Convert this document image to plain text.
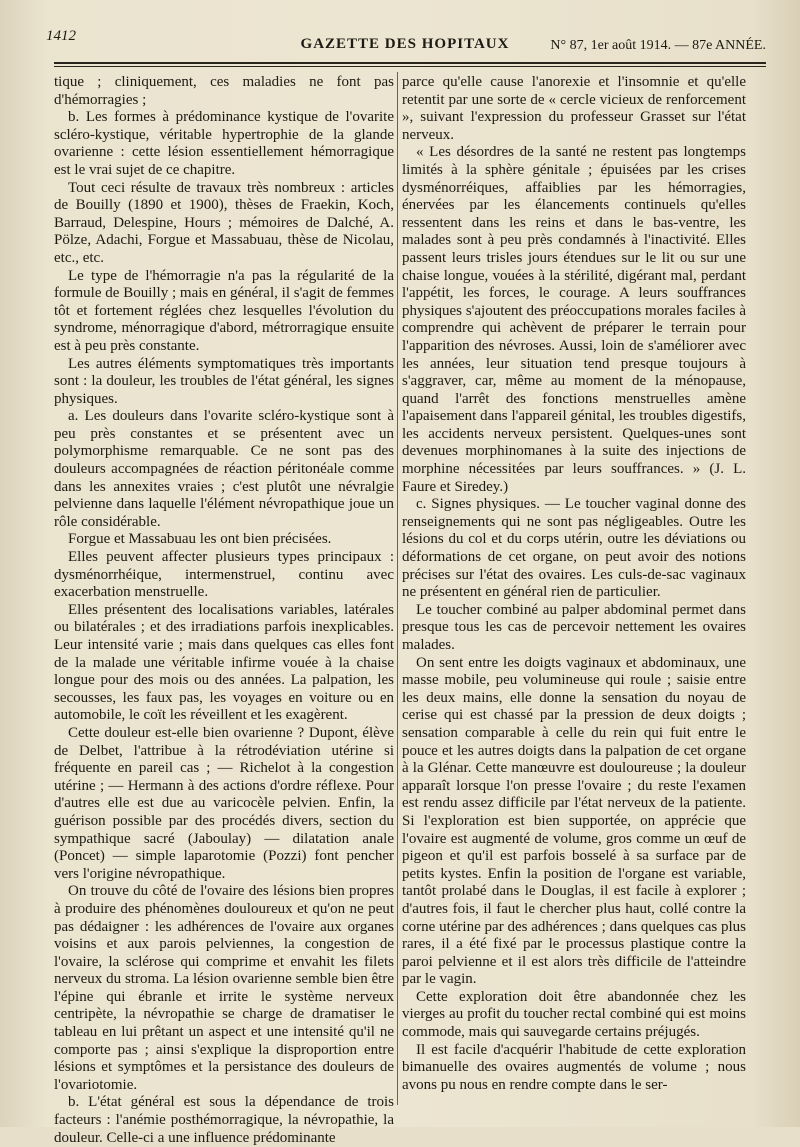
1412	GAZETTE DES HOPITAUX	N° 87, 1er août 1914. — 87e ANNÉE.

tique ; cliniquement, ces maladies ne font pas d'hémorragies ;

b. Les formes à prédominance kystique de l'ovarite scléro-kystique, véritable hypertrophie de la glande ovarienne : cette lésion essentiellement hémorragique est le vrai sujet de ce chapitre.

Tout ceci résulte de travaux très nombreux : articles de Bouilly (1890 et 1900), thèses de Fraekin, Koch, Barraud, Delespine, Hours ; mémoires de Dalché, A. Pölze, Adachi, Forgue et Massabuau, thèse de Nicolau, etc., etc.

Le type de l'hémorragie n'a pas la régularité de la formule de Bouilly ; mais en général, il s'agit de femmes tôt et fortement réglées chez lesquelles l'évolution du syndrome, ménorragique d'abord, métrorragique ensuite est à peu près constante.

Les autres éléments symptomatiques très importants sont : la douleur, les troubles de l'état général, les signes physiques.

a. Les douleurs dans l'ovarite scléro-kystique sont à peu près constantes et se présentent avec un polymorphisme remarquable. Ce ne sont pas des douleurs accompagnées de réaction péritonéale comme dans les annexites vraies ; c'est plutôt une névralgie pelvienne dans laquelle l'élément névropathique joue un rôle considérable.

Forgue et Massabuau les ont bien précisées.

Elles peuvent affecter plusieurs types principaux : dysménorrhéique, intermenstruel, continu avec exacerbation menstruelle.

Elles présentent des localisations variables, latérales ou bilatérales ; et des irradiations parfois inexplicables. Leur intensité varie ; mais dans quelques cas elles font de la malade une véritable infirme vouée à la chaise longue pour des mois ou des années. La palpation, les secousses, les faux pas, les voyages en voiture ou en automobile, le coït les réveillent et les exagèrent.

Cette douleur est-elle bien ovarienne ? Dupont, élève de Delbet, l'attribue à la rétrodéviation utérine si fréquente en pareil cas ; — Richelot à la congestion utérine ; — Hermann à des actions d'ordre réflexe. Pour d'autres elle est due au varicocèle pelvien. Enfin, la guérison possible par des procédés divers, section du sympathique sacré (Jaboulay) — dilatation anale (Poncet) — simple laparotomie (Pozzi) font pencher vers l'origine névropathique.

On trouve du côté de l'ovaire des lésions bien propres à produire des phénomènes douloureux et qu'on ne peut pas dédaigner : les adhérences de l'ovaire aux organes voisins et aux parois pelviennes, la congestion de l'ovaire, la sclérose qui comprime et envahit les filets nerveux du stroma. La lésion ovarienne semble bien être l'épine qui ébranle et irrite le système nerveux centripète, la névropathie se charge de dramatiser le tableau en lui prêtant un aspect et une intensité qu'il ne comporte pas ; ainsi s'explique la disproportion entre lésions et symptômes et la persistance des douleurs de l'ovariotomie.

b. L'état général est sous la dépendance de trois facteurs : l'anémie posthémorragique, la névropathie, la douleur. Celle-ci a une influence prédominante

parce qu'elle cause l'anorexie et l'insomnie et qu'elle retentit par une sorte de « cercle vicieux de renforcement », suivant l'expression du professeur Grasset sur l'état nerveux.

« Les désordres de la santé ne restent pas longtemps limités à la sphère génitale ; épuisées par les crises dysménorréiques, affaiblies par les hémorragies, énervées par les élancements continuels qu'elles ressentent dans les reins et dans le bas-ventre, les malades sont à peu près condamnés à l'inactivité. Elles passent leurs trisles jours étendues sur le lit ou sur une chaise longue, vouées à la stérilité, digérant mal, perdant l'appétit, les forces, le courage. A leurs souffrances physiques s'ajoutent des préoccupations morales faciles à comprendre qui achèvent de préparer le terrain pour l'apparition des névroses. Aussi, loin de s'améliorer avec les années, leur situation tend presque toujours à s'aggraver, car, même au moment de la ménopause, quand l'arrêt des fonctions menstruelles amène l'apaisement dans l'appareil génital, les troubles digestifs, les accidents nerveux persistent. Quelques-unes sont devenues morphinomanes à la suite des injections de morphine nécessitées par leurs souffrances. » (J. L. Faure et Siredey.)

c. Signes physiques. — Le toucher vaginal donne des renseignements qui ne sont pas négligeables. Outre les lésions du col et du corps utérin, outre les déviations ou déformations de cet organe, on peut avoir des notions précises sur l'état des ovaires. Les culs-de-sac vaginaux ne présentent en général rien de particulier.

Le toucher combiné au palper abdominal permet dans presque tous les cas de percevoir nettement les ovaires malades.

On sent entre les doigts vaginaux et abdominaux, une masse mobile, peu volumineuse qui roule ; saisie entre les deux mains, elle donne la sensation du noyau de cerise qui est chassé par la pression de deux doigts ; sensation comparable à celle du rein qui fuit entre le pouce et les autres doigts dans la palpation de cet organe à la Glénar. Cette manœuvre est douloureuse ; la douleur apparaît lorsque l'on presse l'ovaire ; du reste l'examen est rendu assez difficile par l'état nerveux de la patiente. Si l'exploration est bien supportée, on apprécie que l'ovaire est augmenté de volume, gros comme un œuf de pigeon et qu'il est parfois bosselé à sa surface par de petits kystes. Enfin la position de l'organe est variable, tantôt prolabé dans le Douglas, il est facile à explorer ; d'autres fois, il faut le chercher plus haut, collé contre la corne utérine par des adhérences ; dans quelques cas plus rares, il a été fixé par le processus plastique contre la paroi pelvienne et il est alors très difficile de l'atteindre par le vagin.

Cette exploration doit être abandonnée chez les vierges au profit du toucher rectal combiné qui est moins commode, mais qui sauvegarde certains préjugés.

Il est facile d'acquérir l'habitude de cette exploration bimanuelle des ovaires augmentés de volume ; nous avons pu nous en rendre compte dans le ser-
